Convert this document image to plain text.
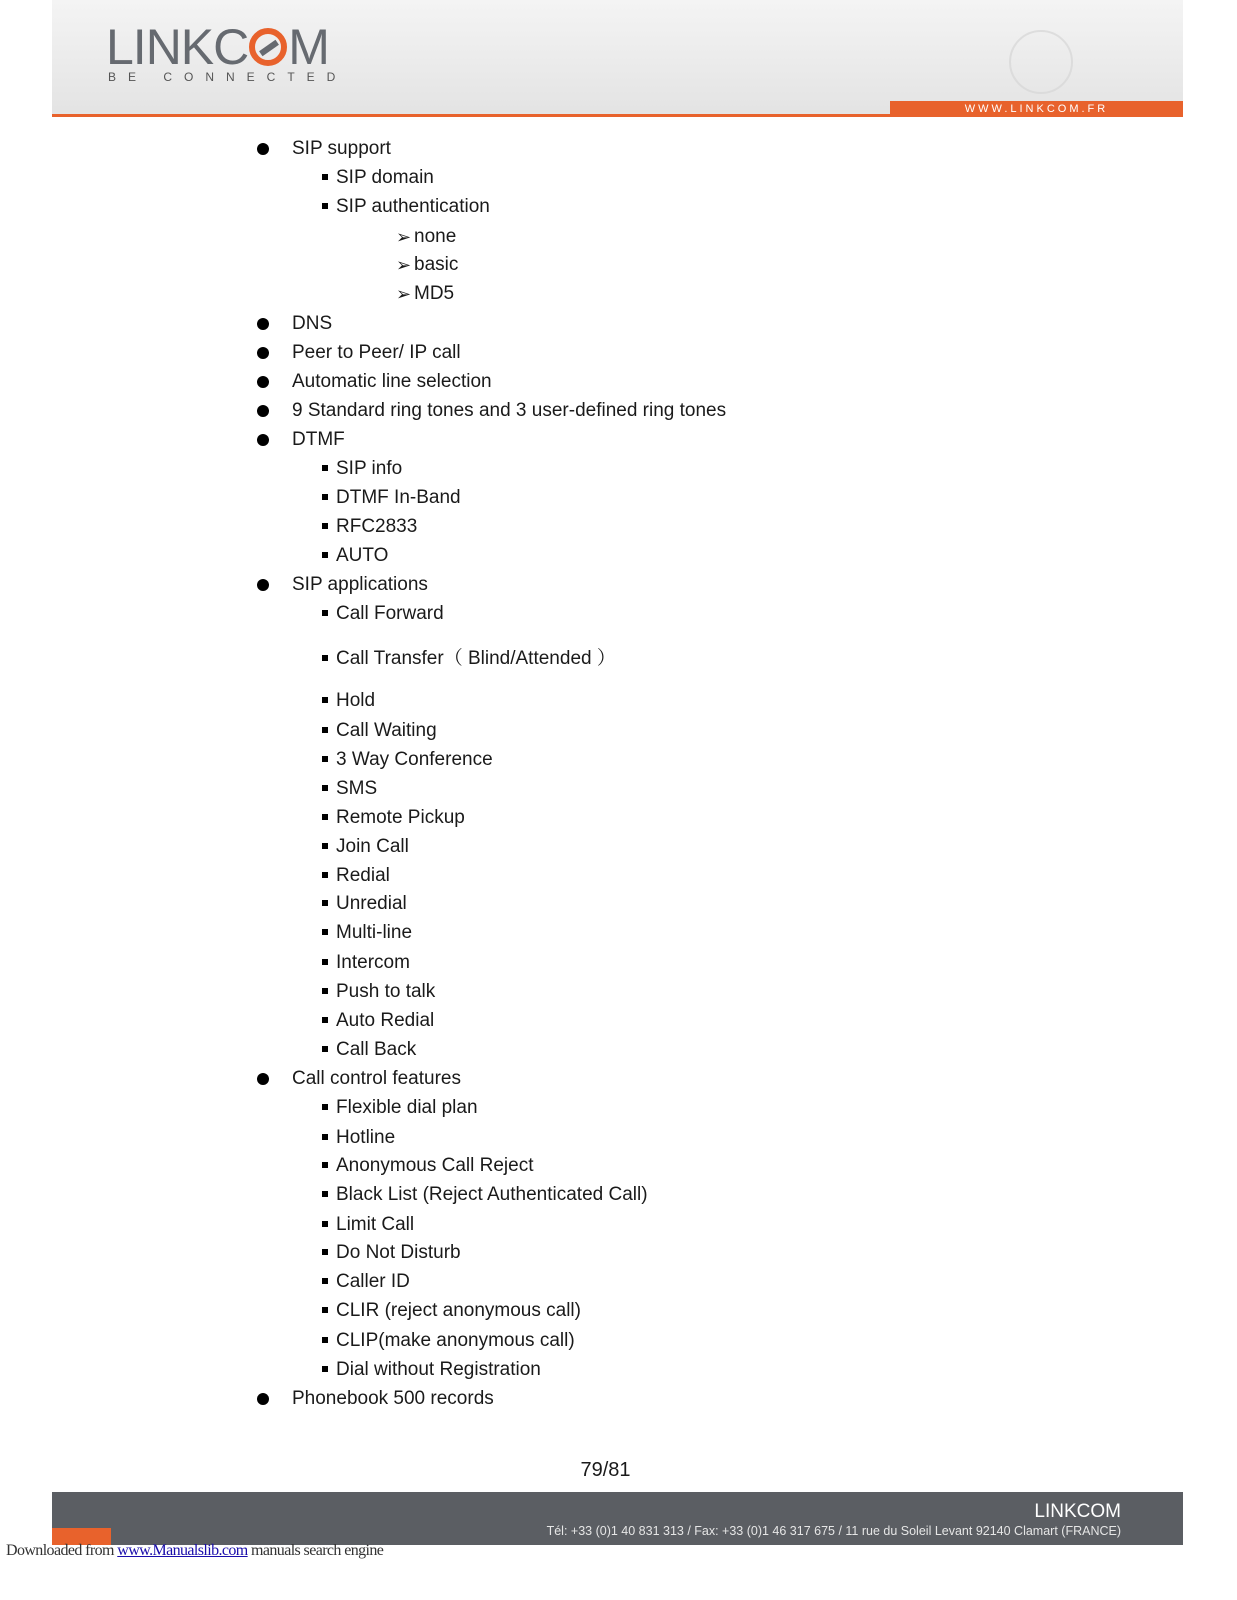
LINKC M
BE CONNECTED
WWW.LINKCOM.FR
SIP support
SIP domain
SIP authentication
➢ none
➢ basic
➢ MD5
DNS
Peer to Peer/ IP call
Automatic line selection
9 Standard ring tones and 3 user-defined ring tones
DTMF
SIP info
DTMF In-Band
RFC2833
AUTO
SIP applications
Call Forward
Call Transfer（ Blind/Attended ）
Hold
Call Waiting
3 Way Conference
SMS
Remote Pickup
Join Call
Redial
Unredial
Multi-line
Intercom
Push to talk
Auto Redial
Call Back
Call control features
Flexible dial plan
Hotline
Anonymous Call Reject
Black List (Reject Authenticated Call)
Limit Call
Do Not Disturb
Caller ID
CLIR (reject anonymous call)
CLIP(make anonymous call)
Dial without Registration
Phonebook 500 records
79/81
LINKCOM
Tél: +33 (0)1 40 831 313 / Fax: +33 (0)1 46 317 675 / 11 rue du Soleil Levant 92140 Clamart (FRANCE)
Downloaded from www.Manualslib.com manuals search engine
